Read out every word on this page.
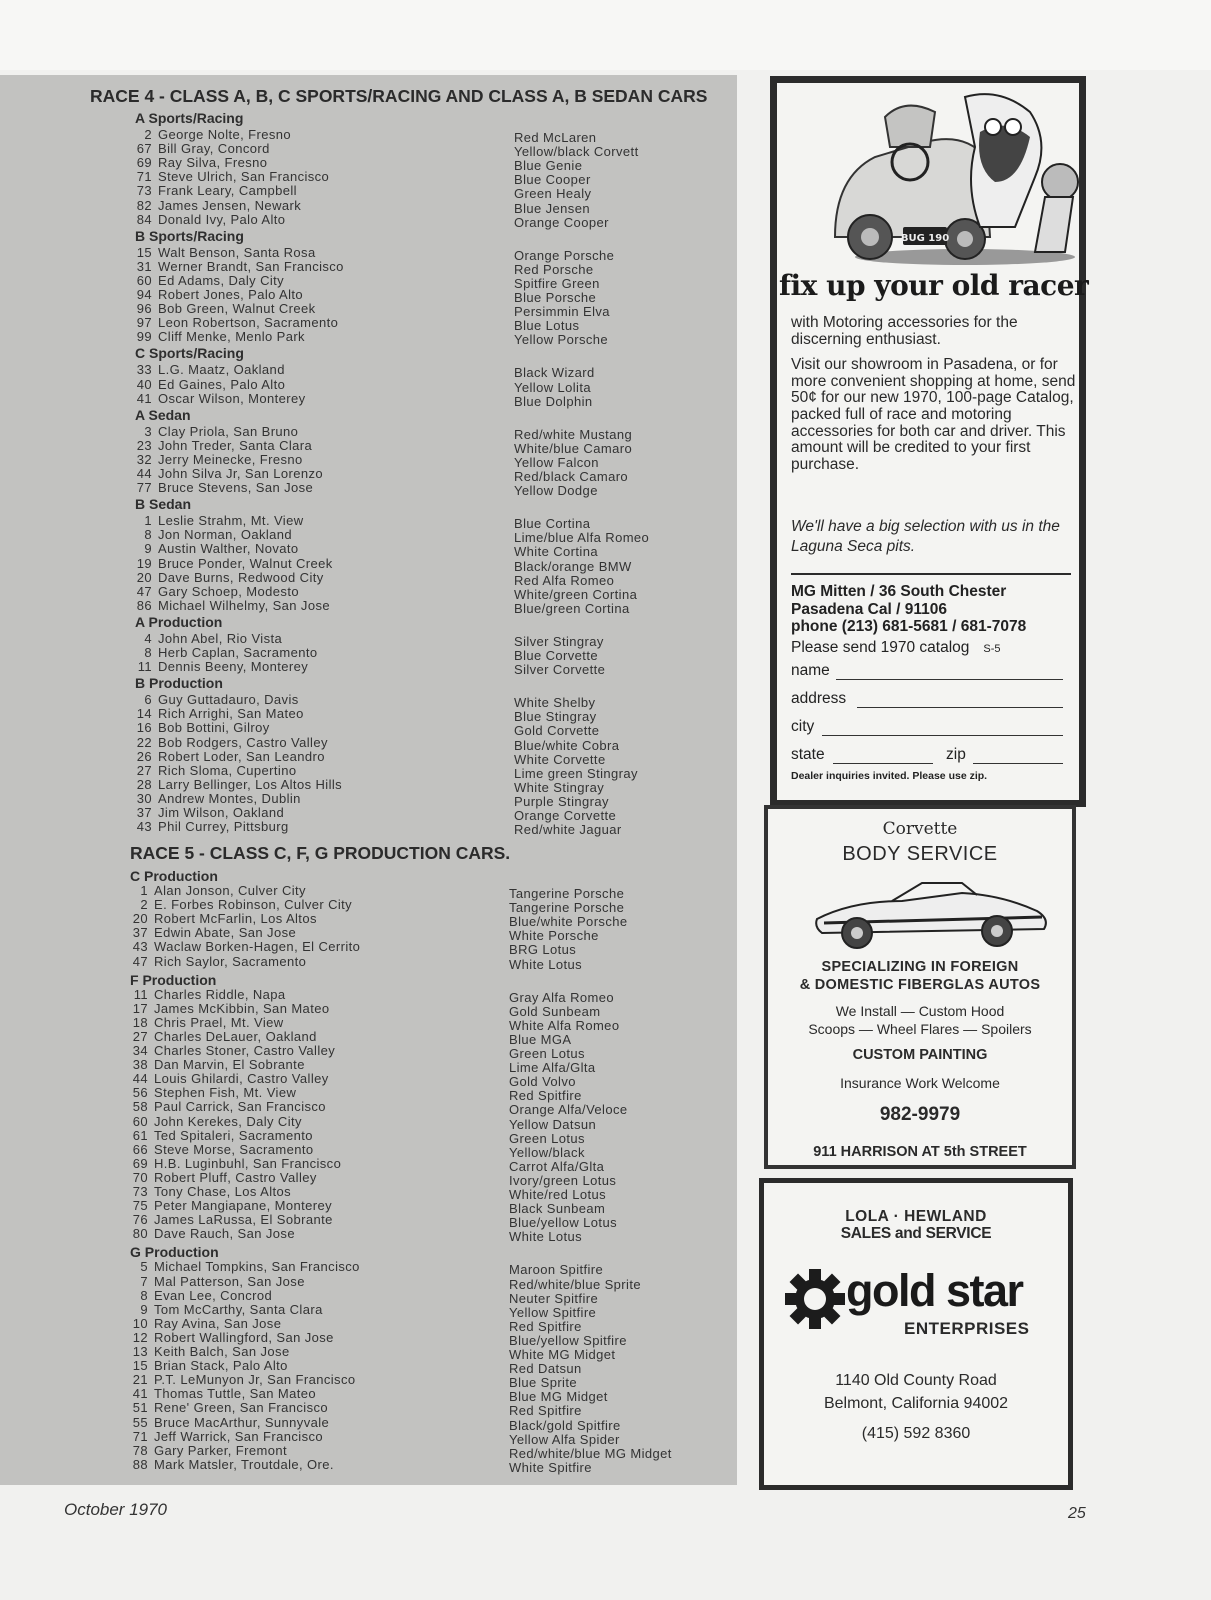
RACE 4 - CLASS A, B, C SPORTS/RACING AND CLASS A, B SEDAN CARS
RACE 5 - CLASS C, F, G PRODUCTION CARS.
A Sports/Racing
2 George Nolte, Fresno	Red McLaren
67 Bill Gray, Concord	Yellow/black Corvett
69 Ray Silva, Fresno	Blue Genie
71 Steve Ulrich, San Francisco	Blue Cooper
73 Frank Leary, Campbell	Green Healy
82 James Jensen, Newark	Blue Jensen
84 Donald Ivy, Palo Alto	Orange Cooper
B Sports/Racing
15 Walt Benson, Santa Rosa	Orange Porsche
31 Werner Brandt, San Francisco	Red Porsche
60 Ed Adams, Daly City	Spitfire Green
94 Robert Jones, Palo Alto	Blue Porsche
96 Bob Green, Walnut Creek	Persimmin Elva
97 Leon Robertson, Sacramento	Blue Lotus
99 Cliff Menke, Menlo Park	Yellow Porsche
C Sports/Racing
33 L.G. Maatz, Oakland	Black Wizard
40 Ed Gaines, Palo Alto	Yellow Lolita
41 Oscar Wilson, Monterey	Blue Dolphin
A Sedan
3 Clay Priola, San Bruno	Red/white Mustang
23 John Treder, Santa Clara	White/blue Camaro
32 Jerry Meinecke, Fresno	Yellow Falcon
44 John Silva Jr, San Lorenzo	Red/black Camaro
77 Bruce Stevens, San Jose	Yellow Dodge
B Sedan
1 Leslie Strahm, Mt. View	Blue Cortina
8 Jon Norman, Oakland	Lime/blue Alfa Romeo
9 Austin Walther, Novato	White Cortina
19 Bruce Ponder, Walnut Creek	Black/orange BMW
20 Dave Burns, Redwood City	Red Alfa Romeo
47 Gary Schoep, Modesto	White/green Cortina
86 Michael Wilhelmy, San Jose	Blue/green Cortina
A Production
4 John Abel, Rio Vista	Silver Stingray
8 Herb Caplan, Sacramento	Blue Corvette
11 Dennis Beeny, Monterey	Silver Corvette
B Production
6 Guy Guttadauro, Davis	White Shelby
14 Rich Arrighi, San Mateo	Blue Stingray
16 Bob Bottini, Gilroy	Gold Corvette
22 Bob Rodgers, Castro Valley	Blue/white Cobra
26 Robert Loder, San Leandro	White Corvette
27 Rich Sloma, Cupertino	Lime green Stingray
28 Larry Bellinger, Los Altos Hills	White Stingray
30 Andrew Montes, Dublin	Purple Stingray
37 Jim Wilson, Oakland	Orange Corvette
43 Phil Currey, Pittsburg	Red/white Jaguar
C Production
1 Alan Jonson, Culver City	Tangerine Porsche
2 E. Forbes Robinson, Culver City	Tangerine Porsche
20 Robert McFarlin, Los Altos	Blue/white Porsche
37 Edwin Abate, San Jose	White Porsche
43 Waclaw Borken-Hagen, El Cerrito	BRG Lotus
47 Rich Saylor, Sacramento	White Lotus
F Production
11 Charles Riddle, Napa	Gray Alfa Romeo
17 James McKibbin, San Mateo	Gold Sunbeam
18 Chris Prael, Mt. View	White Alfa Romeo
27 Charles DeLauer, Oakland	Blue MGA
34 Charles Stoner, Castro Valley	Green Lotus
38 Dan Marvin, El Sobrante	Lime Alfa/Glta
44 Louis Ghilardi, Castro Valley	Gold Volvo
56 Stephen Fish, Mt. View	Red Spitfire
58 Paul Carrick, San Francisco	Orange Alfa/Veloce
60 John Kerekes, Daly City	Yellow Datsun
61 Ted Spitaleri, Sacramento	Green Lotus
66 Steve Morse, Sacramento	Yellow/black
69 H.B. Luginbuhl, San Francisco	Carrot Alfa/Glta
70 Robert Pluff, Castro Valley	Ivory/green Lotus
73 Tony Chase, Los Altos	White/red Lotus
75 Peter Mangiapane, Monterey	Black Sunbeam
76 James LaRussa, El Sobrante	Blue/yellow Lotus
80 Dave Rauch, San Jose	White Lotus
G Production
5 Michael Tompkins, San Francisco	Maroon Spitfire
7 Mal Patterson, San Jose	Red/white/blue Sprite
8 Evan Lee, Concrod	Neuter Spitfire
9 Tom McCarthy, Santa Clara	Yellow Spitfire
10 Ray Avina, San Jose	Red Spitfire
12 Robert Wallingford, San Jose	Blue/yellow Spitfire
13 Keith Balch, San Jose	White MG Midget
15 Brian Stack, Palo Alto	Red Datsun
21 P.T. LeMunyon Jr, San Francisco	Blue Sprite
41 Thomas Tuttle, San Mateo	Blue MG Midget
51 Rene' Green, San Francisco	Red Spitfire
55 Bruce MacArthur, Sunnyvale	Black/gold Spitfire
71 Jeff Warrick, San Francisco	Yellow Alfa Spider
78 Gary Parker, Fremont	Red/white/blue MG Midget
88 Mark Matsler, Troutdale, Ore.	White Spitfire
October 1970	25
BUG 190
fix up your old racer

with Motoring accessories for the discerning enthusiast.

Visit our showroom in Pasadena, or for more convenient shopping at home, send 50¢ for our new 1970, 100-page Catalog, packed full of race and motoring accessories for both car and driver. This amount will be credited to your first purchase.

We'll have a big selection with us in the Laguna Seca pits.
MG Mitten / 36 South Chester
Pasadena Cal / 91106
phone (213) 681-5681 / 681-7078
Please send 1970 catalog S-5
name
address
city
state	zip
Dealer inquiries invited. Please use zip.
Corvette
BODY SERVICE
SPECIALIZING IN FOREIGN
& DOMESTIC FIBERGLAS AUTOS
We Install — Custom Hood
Scoops — Wheel Flares — Spoilers
CUSTOM PAINTING
Insurance Work Welcome
982-9979
911 HARRISON AT 5th STREET
LOLA · HEWLAND
SALES and SERVICE
gold star
ENTERPRISES
1140 Old County Road
Belmont, California 94002
(415) 592 8360
